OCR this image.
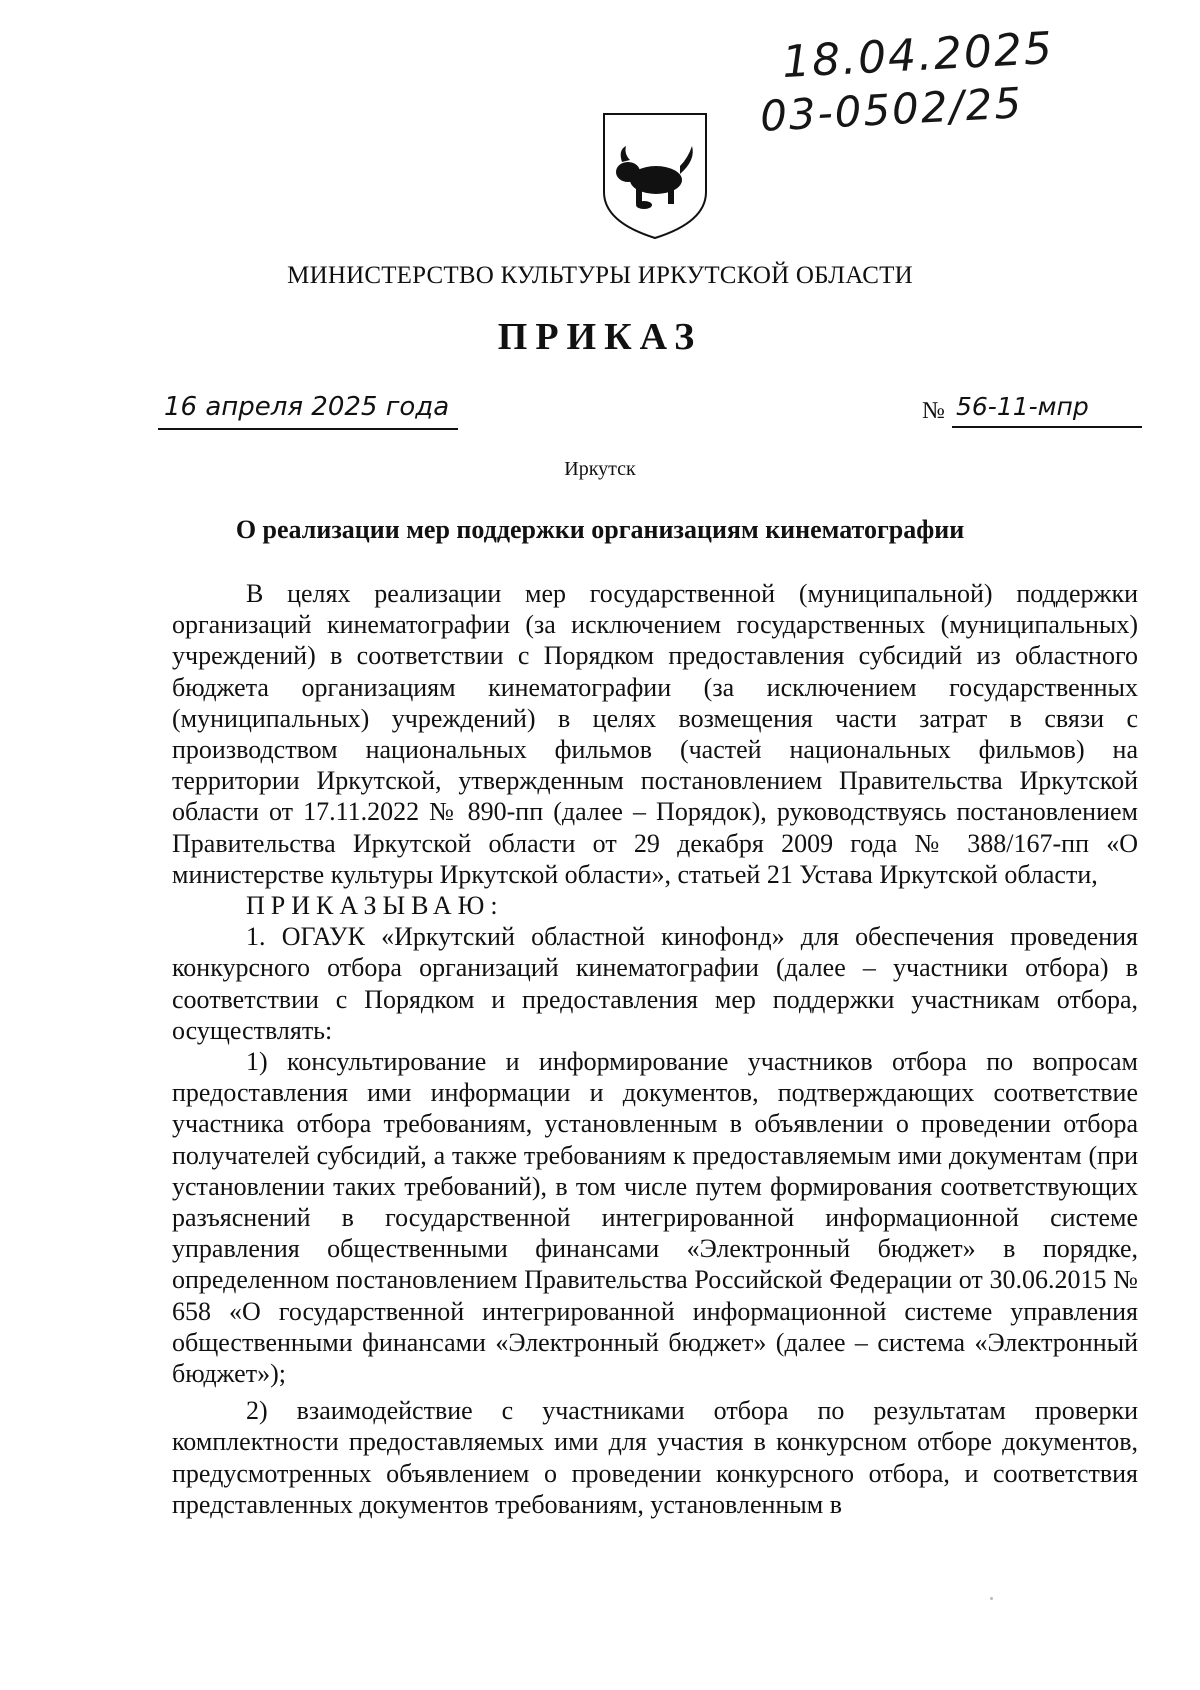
18.04.2025
03-0502/25
МИНИСТЕРСТВО КУЛЬТУРЫ ИРКУТСКОЙ ОБЛАСТИ
ПРИКАЗ
16 апреля 2025 года	№ 56-11-мпр
Иркутск
О реализации мер поддержки организациям кинематографии

В целях реализации мер государственной (муниципальной) поддержки организаций кинематографии (за исключением государственных (муниципальных) учреждений) в соответствии с Порядком предоставления субсидий из областного бюджета организациям кинематографии (за исключением государственных (муниципальных) учреждений) в целях возмещения части затрат в связи с производством национальных фильмов (частей национальных фильмов) на территории Иркутской, утвержденным постановлением Правительства Иркутской области от 17.11.2022 № 890-пп (далее – Порядок), руководствуясь постановлением Правительства Иркутской области от 29 декабря 2009 года № 388/167-пп «О министерстве культуры Иркутской области», статьей 21 Устава Иркутской области,

ПРИКАЗЫВАЮ:

1. ОГАУК «Иркутский областной кинофонд» для обеспечения проведения конкурсного отбора организаций кинематографии (далее – участники отбора) в соответствии с Порядком и предоставления мер поддержки участникам отбора, осуществлять:

1) консультирование и информирование участников отбора по вопросам предоставления ими информации и документов, подтверждающих соответствие участника отбора требованиям, установленным в объявлении о проведении отбора получателей субсидий, а также требованиям к предоставляемым ими документам (при установлении таких требований), в том числе путем формирования соответствующих разъяснений в государственной интегрированной информационной системе управления общественными финансами «Электронный бюджет» в порядке, определенном постановлением Правительства Российской Федерации от 30.06.2015 № 658 «О государственной интегрированной информационной системе управления общественными финансами «Электронный бюджет» (далее – система «Электронный бюджет»);

2) взаимодействие с участниками отбора по результатам проверки комплектности предоставляемых ими для участия в конкурсном отборе документов, предусмотренных объявлением о проведении конкурсного отбора, и соответствия представленных документов требованиям, установленным в
